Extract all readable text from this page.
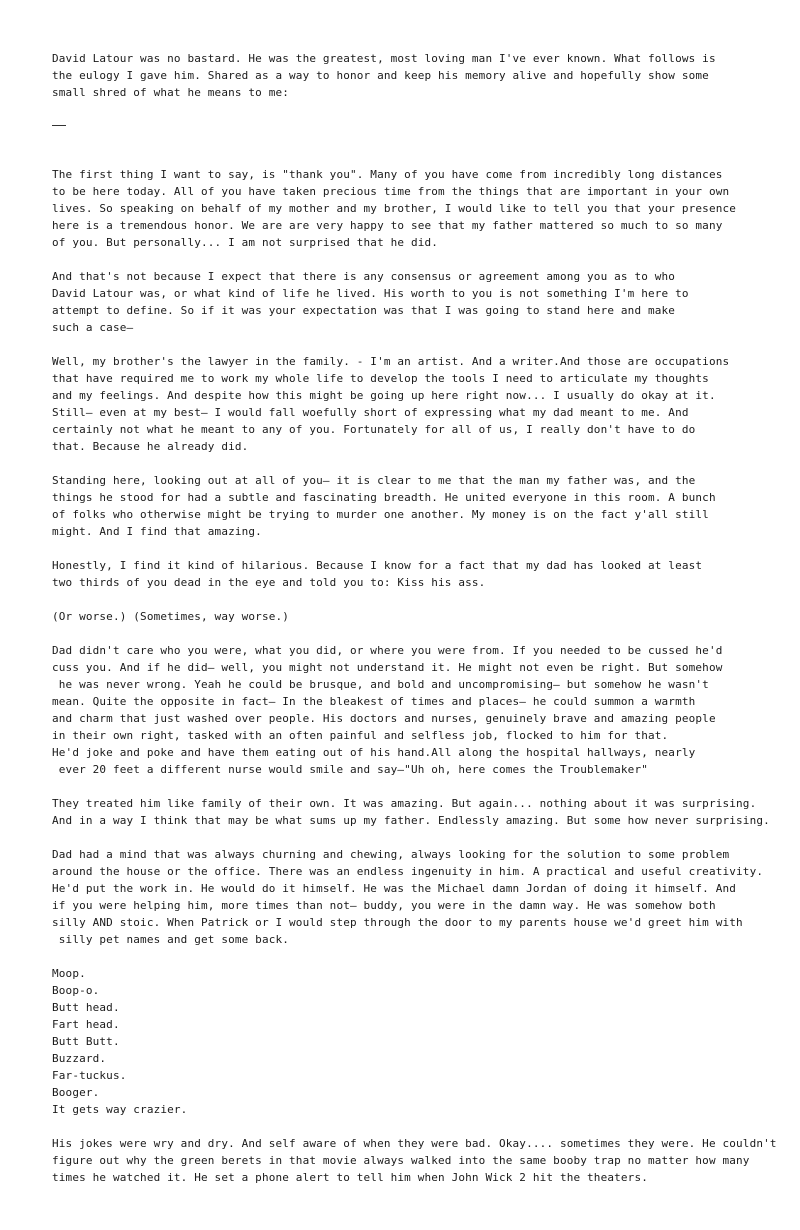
David Latour was no bastard. He was the greatest, most loving man I've ever known. What follows is
the eulogy I gave him. Shared as a way to honor and keep his memory alive and hopefully show some
small shred of what he means to me:
The first thing I want to say, is "thank you". Many of you have come from incredibly long distances
to be here today. All of you have taken precious time from the things that are important in your own
lives. So speaking on behalf of my mother and my brother, I would like to tell you that your presence
here is a tremendous honor. We are are very happy to see that my father mattered so much to so many
of you. But personally... I am not surprised that he did.
And that's not because I expect that there is any consensus or agreement among you as to who
David Latour was, or what kind of life he lived. His worth to you is not something I'm here to
attempt to define. So if it was your expectation was that I was going to stand here and make
such a case—
Well, my brother's the lawyer in the family. - I'm an artist. And a writer.And those are occupations
that have required me to work my whole life to develop the tools I need to articulate my thoughts
and my feelings. And despite how this might be going up here right now... I usually do okay at it.
Still— even at my best— I would fall woefully short of expressing what my dad meant to me. And
certainly not what he meant to any of you. Fortunately for all of us, I really don't have to do
that. Because he already did.
Standing here, looking out at all of you— it is clear to me that the man my father was, and the
things he stood for had a subtle and fascinating breadth. He united everyone in this room. A bunch
of folks who otherwise might be trying to murder one another. My money is on the fact y'all still
might. And I find that amazing.
Honestly, I find it kind of hilarious. Because I know for a fact that my dad has looked at least
two thirds of you dead in the eye and told you to: Kiss his ass.
(Or worse.) (Sometimes, way worse.)
Dad didn't care who you were, what you did, or where you were from. If you needed to be cussed he'd
cuss you. And if he did— well, you might not understand it. He might not even be right. But somehow
he was never wrong. Yeah he could be brusque, and bold and uncompromising— but somehow he wasn't
mean. Quite the opposite in fact— In the bleakest of times and places— he could summon a warmth
and charm that just washed over people. His doctors and nurses, genuinely brave and amazing people
in their own right, tasked with an often painful and selfless job, flocked to him for that.
He'd joke and poke and have them eating out of his hand.All along the hospital hallways, nearly
ever 20 feet a different nurse would smile and say—"Uh oh, here comes the Troublemaker"
They treated him like family of their own. It was amazing. But again... nothing about it was surprising.
And in a way I think that may be what sums up my father. Endlessly amazing. But some how never surprising.
Dad had a mind that was always churning and chewing, always looking for the solution to some problem
around the house or the office. There was an endless ingenuity in him. A practical and useful creativity.
He'd put the work in. He would do it himself. He was the Michael damn Jordan of doing it himself. And
if you were helping him, more times than not— buddy, you were in the damn way. He was somehow both
silly AND stoic. When Patrick or I would step through the door to my parents house we'd greet him with
silly pet names and get some back.
Moop.
Boop-o.
Butt head.
Fart head.
Butt Butt.
Buzzard.
Far-tuckus.
Booger.
It gets way crazier.
His jokes were wry and dry. And self aware of when they were bad. Okay.... sometimes they were. He couldn't
figure out why the green berets in that movie always walked into the same booby trap no matter how many
times he watched it. He set a phone alert to tell him when John Wick 2 hit the theaters.
